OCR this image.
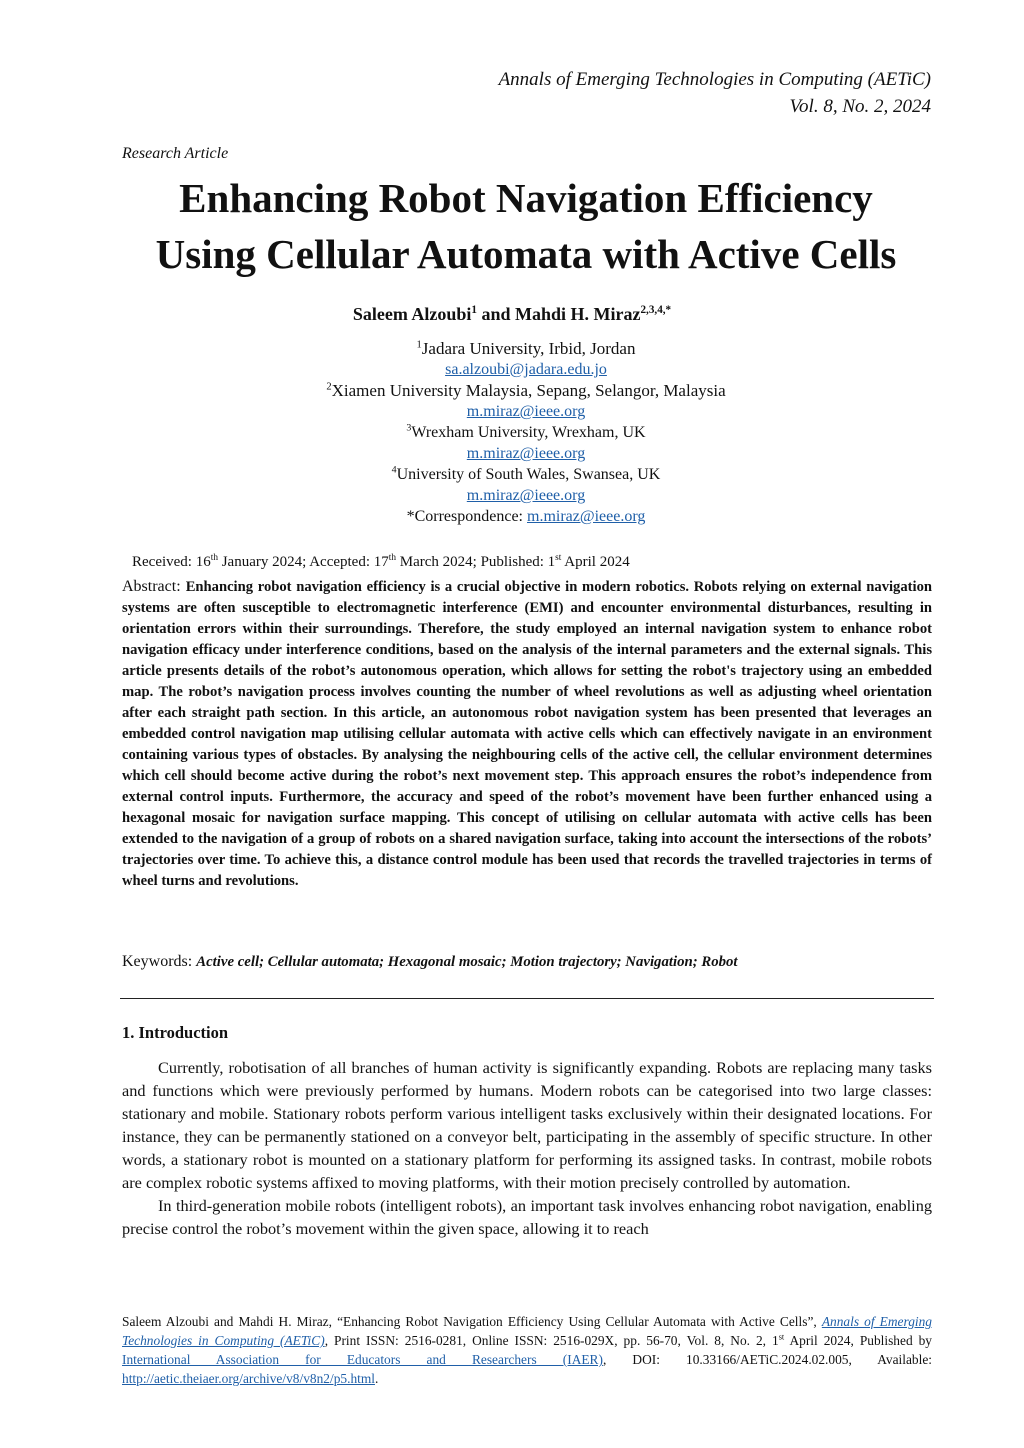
Annals of Emerging Technologies in Computing (AETiC)
Vol. 8, No. 2, 2024
Research Article
Enhancing Robot Navigation Efficiency
Using Cellular Automata with Active Cells
Saleem Alzoubi$^1$ and Mahdi H. Miraz$^{2,3,4,*}$
$^1$Jadara University, Irbid, Jordan
sa.alzoubi@jadara.edu.jo
$^2$Xiamen University Malaysia, Sepang, Selangor, Malaysia
m.miraz@ieee.org
$^3$Wrexham University, Wrexham, UK
m.miraz@ieee.org
$^4$University of South Wales, Swansea, UK
m.miraz@ieee.org
*Correspondence: m.miraz@ieee.org
Received: 16th January 2024; Accepted: 17th March 2024; Published: 1st April 2024

Abstract: Enhancing robot navigation efficiency is a crucial objective in modern robotics. Robots relying on external navigation systems are often susceptible to electromagnetic interference (EMI) and encounter environmental disturbances, resulting in orientation errors within their surroundings. Therefore, the study employed an internal navigation system to enhance robot navigation efficacy under interference conditions, based on the analysis of the internal parameters and the external signals. This article presents details of the robot’s autonomous operation, which allows for setting the robot's trajectory using an embedded map. The robot’s navigation process involves counting the number of wheel revolutions as well as adjusting wheel orientation after each straight path section. In this article, an autonomous robot navigation system has been presented that leverages an embedded control navigation map utilising cellular automata with active cells which can effectively navigate in an environment containing various types of obstacles. By analysing the neighbouring cells of the active cell, the cellular environment determines which cell should become active during the robot’s next movement step. This approach ensures the robot’s independence from external control inputs. Furthermore, the accuracy and speed of the robot’s movement have been further enhanced using a hexagonal mosaic for navigation surface mapping. This concept of utilising on cellular automata with active cells has been extended to the navigation of a group of robots on a shared navigation surface, taking into account the intersections of the robots’ trajectories over time. To achieve this, a distance control module has been used that records the travelled trajectories in terms of wheel turns and revolutions.

Keywords: Active cell; Cellular automata; Hexagonal mosaic; Motion trajectory; Navigation; Robot
1. Introduction

Currently, robotisation of all branches of human activity is significantly expanding. Robots are replacing many tasks and functions which were previously performed by humans. Modern robots can be categorised into two large classes: stationary and mobile. Stationary robots perform various intelligent tasks exclusively within their designated locations. For instance, they can be permanently stationed on a conveyor belt, participating in the assembly of specific structure. In other words, a stationary robot is mounted on a stationary platform for performing its assigned tasks. In contrast, mobile robots are complex robotic systems affixed to moving platforms, with their motion precisely controlled by automation.

In third-generation mobile robots (intelligent robots), an important task involves enhancing robot navigation, enabling precise control the robot’s movement within the given space, allowing it to reach

Saleem Alzoubi and Mahdi H. Miraz, “Enhancing Robot Navigation Efficiency Using Cellular Automata with Active Cells”, Annals of Emerging Technologies in Computing (AETiC), Print ISSN: 2516-0281, Online ISSN: 2516-029X, pp. 56-70, Vol. 8, No. 2, 1st April 2024, Published by International Association for Educators and Researchers (IAER), DOI: 10.33166/AETiC.2024.02.005, Available: http://aetic.theiaer.org/archive/v8/v8n2/p5.html.
